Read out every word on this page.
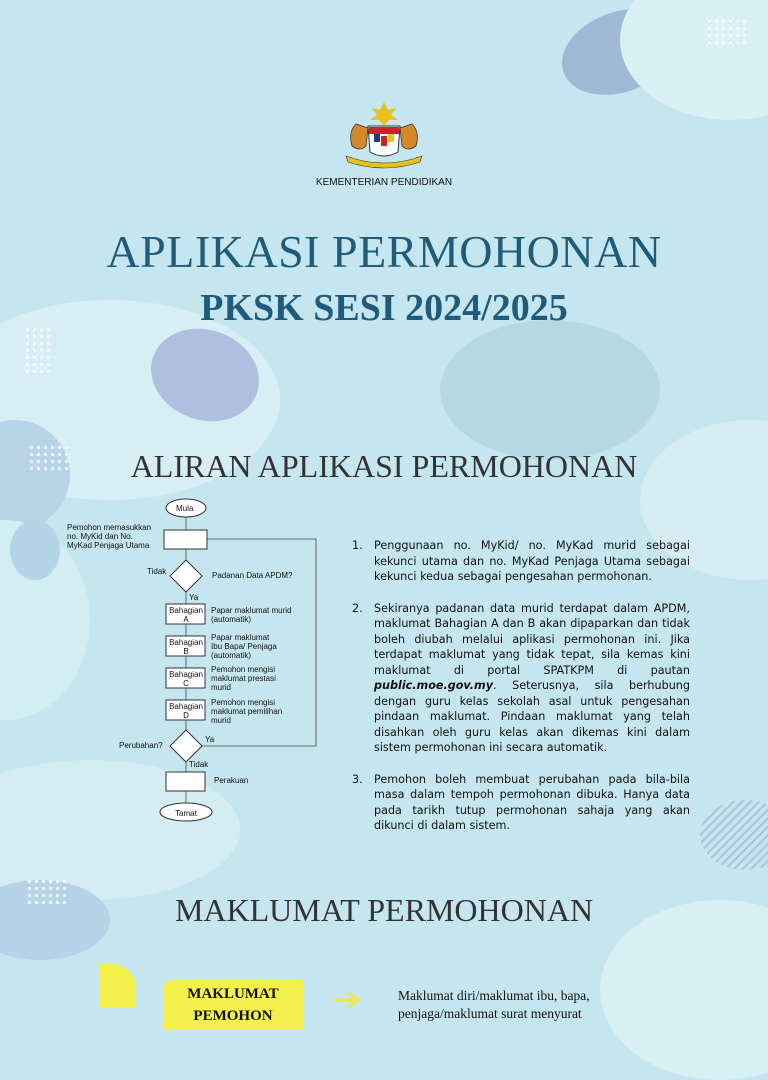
KEMENTERIAN PENDIDIKAN
APLIKASI PERMOHONAN
PKSK SESI 2024/2025
ALIRAN APLIKASI PERMOHONAN
Mula
Pemohon memasukkan
no. MyKid dan No.
MyKad Penjaga Utama
Tidak	Padanan Data APDM?
Ya
Bahagian
A
Papar maklumat murid
(automatik)
Bahagian
B
Papar maklumat
Ibu Bapa/ Penjaga
(automatik)
Bahagian
C
Pemohon mengisi
maklumat prestasi
murid
Bahagian
D
Pemohon mengisi
maklumat pemilihan
murid
Perubahan?
Ya
Tidak
Perakuan
Tamat
1. Penggunaan no. MyKid/ no. MyKad murid sebagai kekunci utama dan no. MyKad Penjaga Utama sebagai kekunci kedua sebagai pengesahan permohonan.
2. Sekiranya padanan data murid terdapat dalam APDM, maklumat Bahagian A dan B akan dipaparkan dan tidak boleh diubah melalui aplikasi permohonan ini. Jika terdapat maklumat yang tidak tepat, sila kemas kini maklumat di portal SPATKPM di pautan public.moe.gov.my. Seterusnya, sila berhubung dengan guru kelas sekolah asal untuk pengesahan pindaan maklumat. Pindaan maklumat yang telah disahkan oleh guru kelas akan dikemas kini dalam sistem permohonan ini secara automatik.
3. Pemohon boleh membuat perubahan pada bila-bila masa dalam tempoh permohonan dibuka. Hanya data pada tarikh tutup permohonan sahaja yang akan dikunci di dalam sistem.
MAKLUMAT PERMOHONAN
MAKLUMAT
PEMOHON
Maklumat diri/maklumat ibu, bapa,
penjaga/maklumat surat menyurat
